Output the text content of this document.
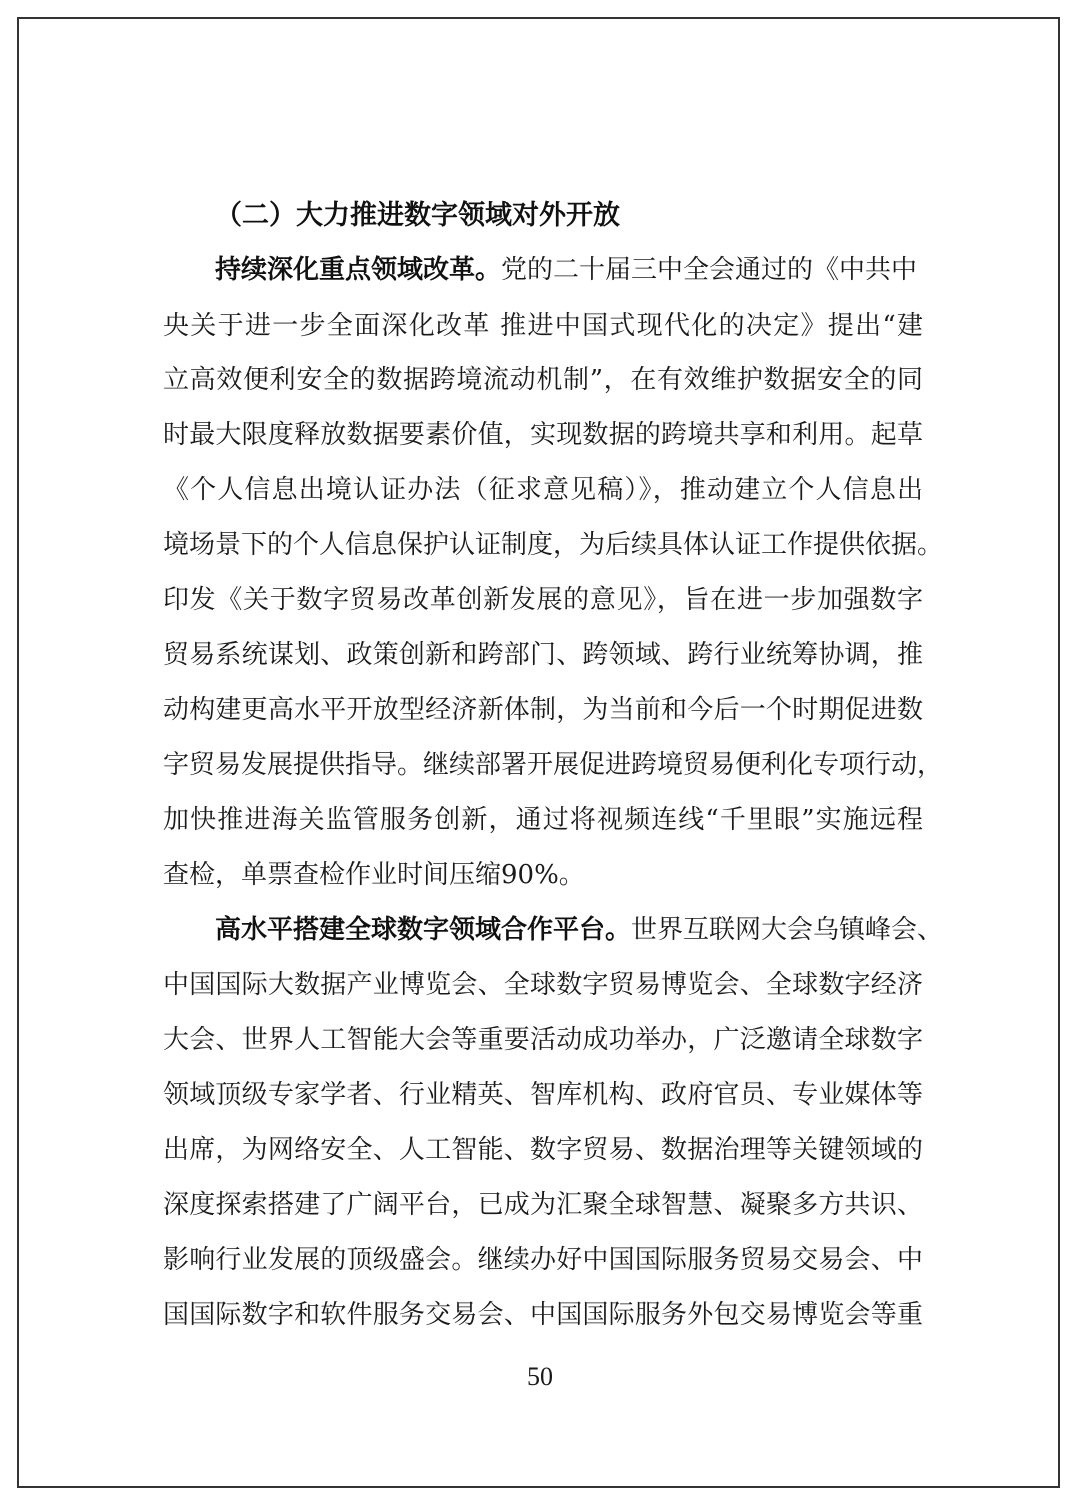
（二）大力推进数字领域对外开放
持续深化重点领域改革。党的二十届三中全会通过的《中共中
央关于进一步全面深化改革 推进中国式现代化的决定》提出“建
立高效便利安全的数据跨境流动机制”，在有效维护数据安全的同
时最大限度释放数据要素价值，实现数据的跨境共享和利用。起草
《个人信息出境认证办法（征求意见稿）》，推动建立个人信息出
境场景下的个人信息保护认证制度，为后续具体认证工作提供依据。
印发《关于数字贸易改革创新发展的意见》，旨在进一步加强数字
贸易系统谋划、政策创新和跨部门、跨领域、跨行业统筹协调，推
动构建更高水平开放型经济新体制，为当前和今后一个时期促进数
字贸易发展提供指导。继续部署开展促进跨境贸易便利化专项行动，
加快推进海关监管服务创新，通过将视频连线“千里眼”实施远程
查检，单票查检作业时间压缩90%。
高水平搭建全球数字领域合作平台。世界互联网大会乌镇峰会、
中国国际大数据产业博览会、全球数字贸易博览会、全球数字经济
大会、世界人工智能大会等重要活动成功举办，广泛邀请全球数字
领域顶级专家学者、行业精英、智库机构、政府官员、专业媒体等
出席，为网络安全、人工智能、数字贸易、数据治理等关键领域的
深度探索搭建了广阔平台，已成为汇聚全球智慧、凝聚多方共识、
影响行业发展的顶级盛会。继续办好中国国际服务贸易交易会、中
国国际数字和软件服务交易会、中国国际服务外包交易博览会等重
50
